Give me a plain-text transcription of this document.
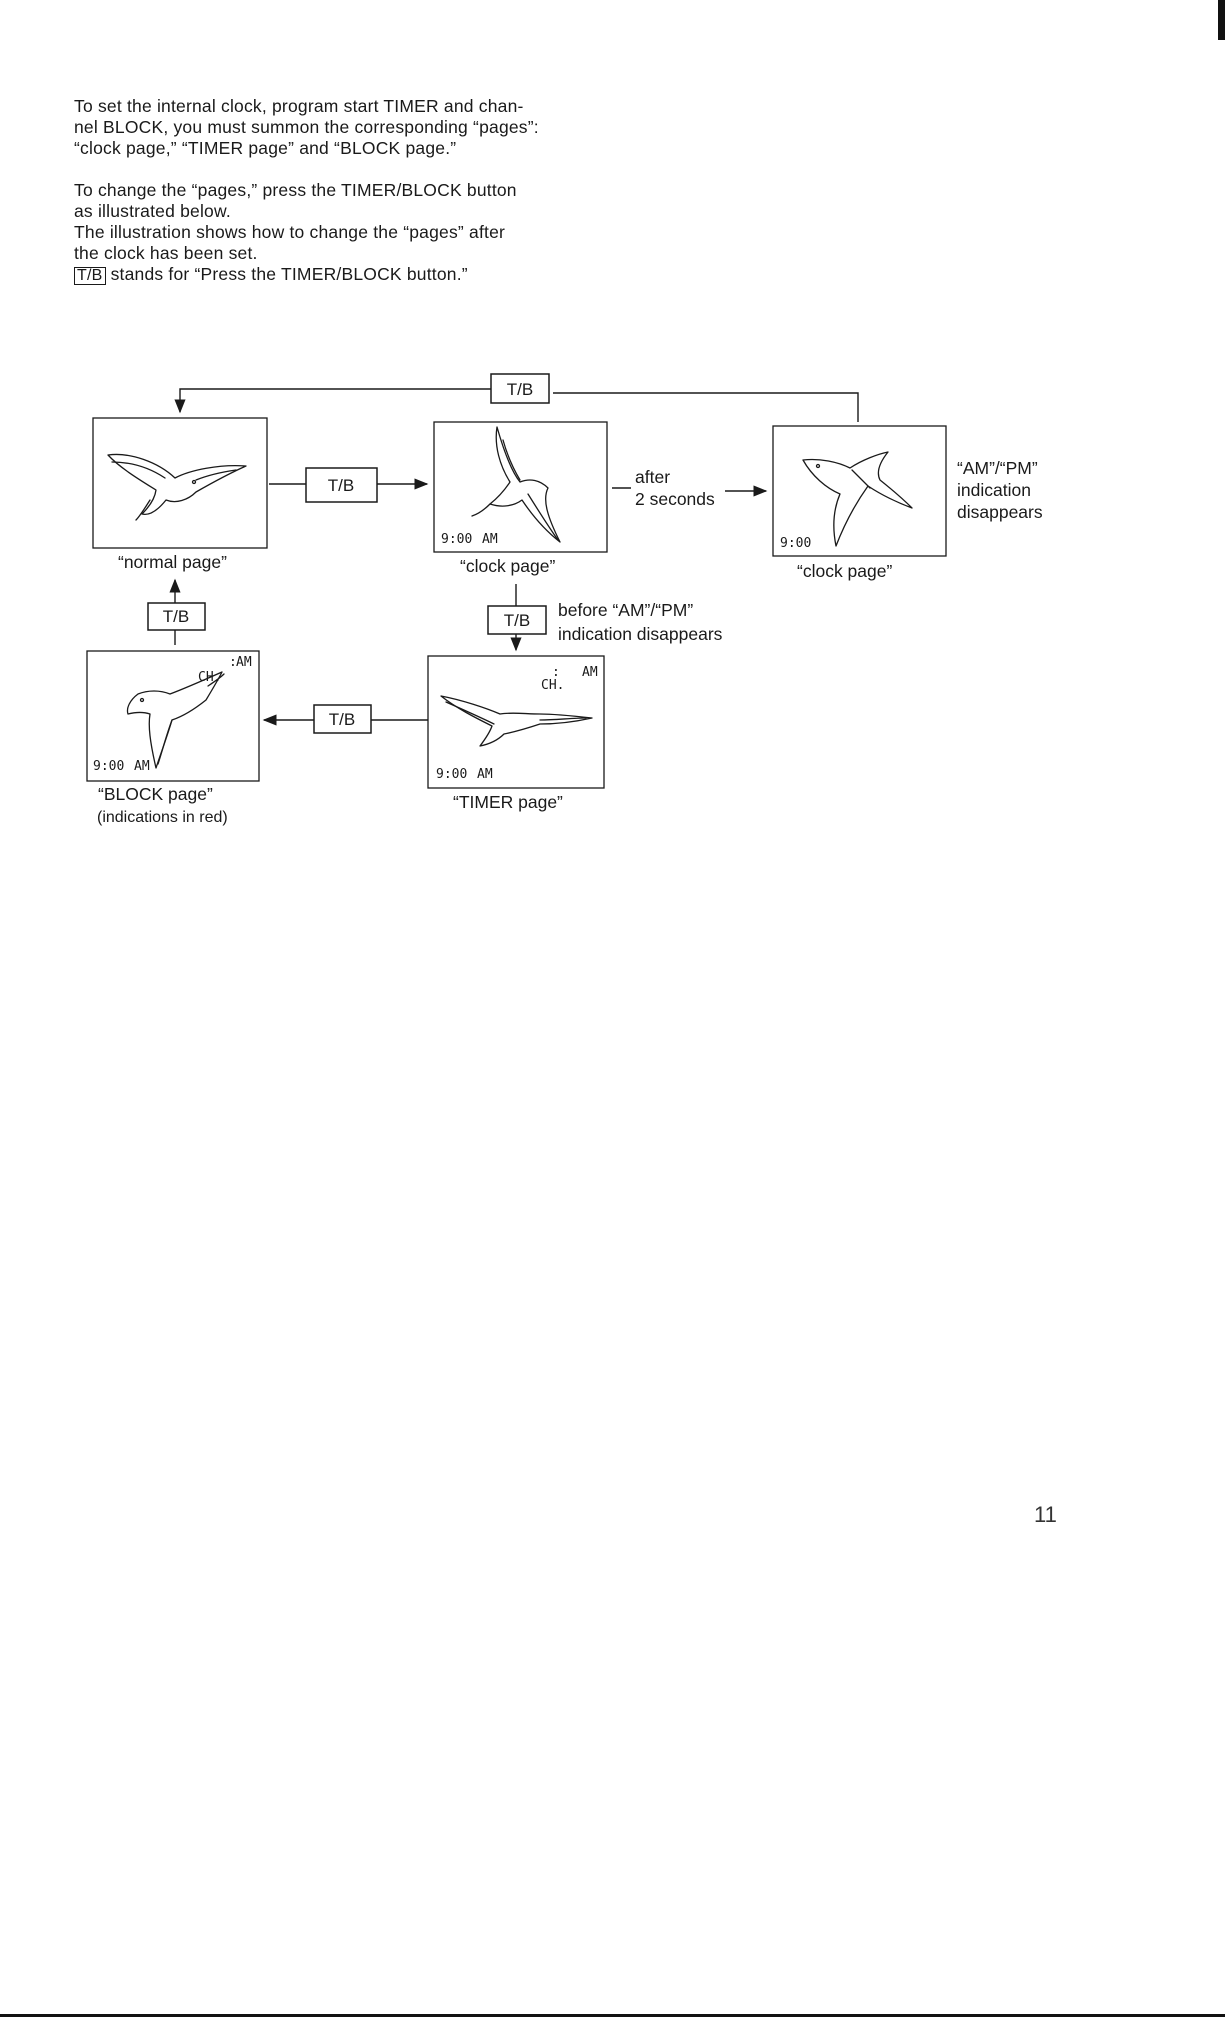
To set the internal clock, program start TIMER and chan-

nel BLOCK, you must summon the corresponding “pages”:

“clock page,” “TIMER page” and “BLOCK page.”

To change the “pages,” press the TIMER/BLOCK button

as illustrated below.

The illustration shows how to change the “pages” after

the clock has been set.

T/B stands for “Press the TIMER/BLOCK button.”

T/B
T/B
T/B
T/B
T/B
9:00 AM	9:00
: AM
CH.
9:00 AM
: AM
CH.
9:00 AM
“normal page”	“clock page”	“clock page”
“TIMER page”
“BLOCK page”
(indications in red)
after
2 seconds
“AM”/“PM”
indication
disappears
before “AM”/“PM”
indication disappears
11
